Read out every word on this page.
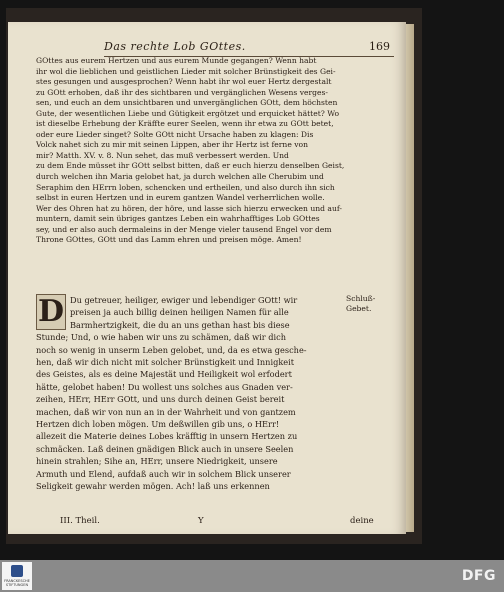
Das rechte Lob GOttes.	169
GOttes aus eurem Hertzen und aus eurem Munde gegangen? Wenn habt
ihr wol die lieblichen und geistlichen Lieder mit solcher Brünstigkeit des Gei-
stes gesungen und ausgesprochen? Wenn habt ihr wol euer Hertz dergestalt
zu GOtt erhoben, daß ihr des sichtbaren und vergänglichen Wesens verges-
sen, und euch an dem unsichtbaren und unvergänglichen GOtt, dem höchsten
Gute, der wesentlichen Liebe und Gütigkeit ergötzet und erquicket hättet? Wo
ist dieselbe Erhebung der Kräffte eurer Seelen, wenn ihr etwa zu GOtt betet,
oder eure Lieder singet? Solte GOtt nicht Ursache haben zu klagen: Dis
Volck nahet sich zu mir mit seinen Lippen, aber ihr Hertz ist ferne von
mir? Matth. XV. v. 8. Nun sehet, das muß verbessert werden. Und
zu dem Ende müsset ihr GOtt selbst bitten, daß er euch hierzu denselben Geist,
durch welchen ihn Maria gelobet hat, ja durch welchen alle Cherubim und
Seraphim den HErrn loben, schencken und ertheilen, und also durch ihn sich
selbst in euren Hertzen und in eurem gantzen Wandel verherrlichen wolle.
Wer des Ohren hat zu hören, der höre, und lasse sich hierzu erwecken und auf-
muntern, damit sein übriges gantzes Leben ein wahrhafftiges Lob GOttes
sey, und er also auch dermaleins in der Menge vieler tausend Engel vor dem
Throne GOttes, GOtt und das Lamm ehren und preisen möge. Amen!
D Du getreuer, heiliger, ewiger und lebendiger GOtt! wir
preisen ja auch billig deinen heiligen Namen für alle
Barmhertzigkeit, die du an uns gethan hast bis diese
Stunde; Und, o wie haben wir uns zu schämen, daß wir dich
noch so wenig in unserm Leben gelobet, und, da es etwa gesche-
hen, daß wir dich nicht mit solcher Brünstigkeit und Innigkeit
des Geistes, als es deine Majestät und Heiligkeit wol erfodert
hätte, gelobet haben! Du wollest uns solches aus Gnaden ver-
zeihen, HErr, HErr GOtt, und uns durch deinen Geist bereit
machen, daß wir von nun an in der Wahrheit und von gantzem
Hertzen dich loben mögen. Um deßwillen gib uns, o HErr!
allezeit die Materie deines Lobes kräfftig in unsern Hertzen zu
schmäcken. Laß deinen gnädigen Blick auch in unsere Seelen
hinein strahlen; Sihe an, HErr, unsere Niedrigkeit, unsere
Armuth und Elend, aufdaß auch wir in solchem Blick unserer
Seligkeit gewahr werden mögen. Ach! laß uns erkennen
Schluß-Gebet.
III. Theil.	Y	deine
FRANCKESCHE STIFTUNGEN
DFG
